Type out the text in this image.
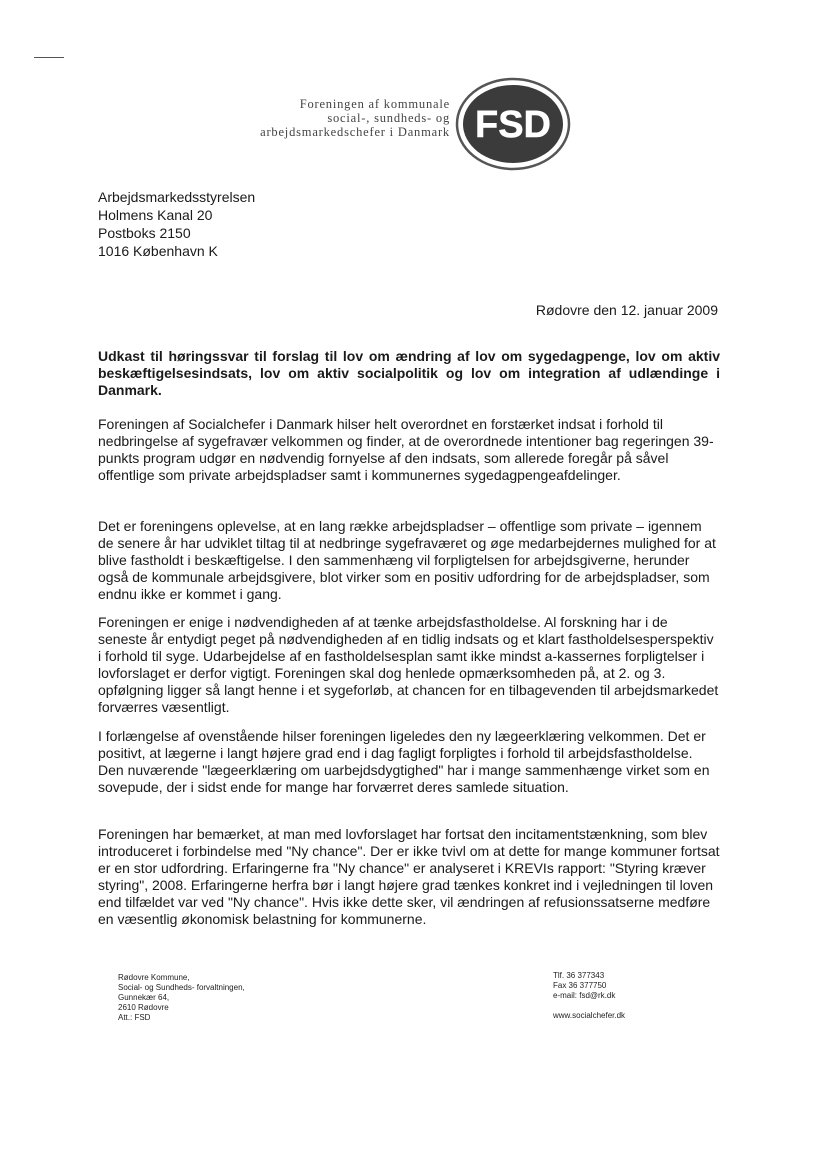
Foreningen af kommunale
social-, sundheds- og
arbejdsmarkedschefer i Danmark FSD
Arbejdsmarkedsstyrelsen
Holmens Kanal 20
Postboks 2150
1016 København K
Rødovre den 12. januar 2009
Udkast til høringssvar til forslag til lov om ændring af lov om sygedagpenge, lov om aktiv beskæftigelsesindsats, lov om aktiv socialpolitik og lov om integration af udlændinge i Danmark.
Foreningen af Socialchefer i Danmark hilser helt overordnet en forstærket indsat i forhold til nedbringelse af sygefravær velkommen og finder, at de overordnede intentioner bag regeringen 39-punkts program udgør en nødvendig fornyelse af den indsats, som allerede foregår på såvel offentlige som private arbejdspladser samt i kommunernes sygedagpengeafdelinger.
Det er foreningens oplevelse, at en lang række arbejdspladser – offentlige som private – igennem de senere år har udviklet tiltag til at nedbringe sygefraværet og øge medarbejdernes mulighed for at blive fastholdt i beskæftigelse. I den sammenhæng vil forpligtelsen for arbejdsgiverne, herunder også de kommunale arbejdsgivere, blot virker som en positiv udfordring for de arbejdspladser, som endnu ikke er kommet i gang.
Foreningen er enige i nødvendigheden af at tænke arbejdsfastholdelse. Al forskning har i de seneste år entydigt peget på nødvendigheden af en tidlig indsats og et klart fastholdelsesperspektiv i forhold til syge. Udarbejdelse af en fastholdelsesplan samt ikke mindst a-kassernes forpligtelser i lovforslaget er derfor vigtigt. Foreningen skal dog henlede opmærksomheden på, at 2. og 3. opfølgning ligger så langt henne i et sygeforløb, at chancen for en tilbagevenden til arbejdsmarkedet forværres væsentligt.
I forlængelse af ovenstående hilser foreningen ligeledes den ny lægeerklæring velkommen. Det er positivt, at lægerne i langt højere grad end i dag fagligt forpligtes i forhold til arbejdsfastholdelse. Den nuværende "lægeerklæring om uarbejdsdygtighed" har i mange sammenhænge virket som en sovepude, der i sidst ende for mange har forværret deres samlede situation.
Foreningen har bemærket, at man med lovforslaget har fortsat den incitamentstænkning, som blev introduceret i forbindelse med "Ny chance". Der er ikke tvivl om at dette for mange kommuner fortsat er en stor udfordring. Erfaringerne fra "Ny chance" er analyseret i KREVIs rapport: "Styring kræver styring", 2008. Erfaringerne herfra bør i langt højere grad tænkes konkret ind i vejledningen til loven end tilfældet var ved "Ny chance". Hvis ikke dette sker, vil ændringen af refusionssatserne medføre en væsentlig økonomisk belastning for kommunerne.
Rødovre Kommune,
Social- og Sundheds- forvaltningen,
Gunnekær 64,
2610 Rødovre
Att.: FSD
Tlf. 36 377343
Fax 36 377750
e-mail: fsd@rk.dk

www.socialchefer.dk
